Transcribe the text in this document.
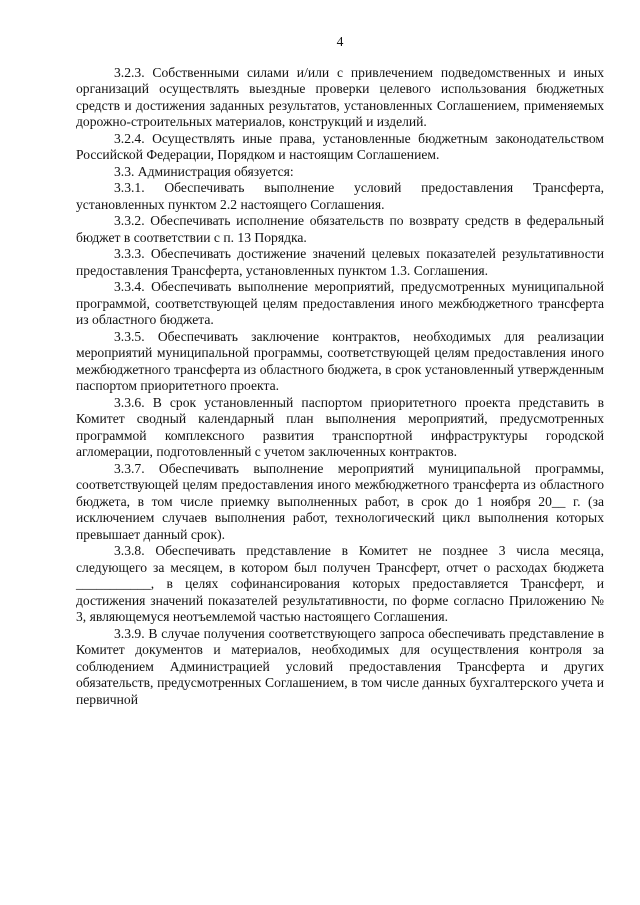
4

3.2.3. Собственными силами и/или с привлечением подведомственных и иных организаций осуществлять выездные проверки целевого использования бюджетных средств и достижения заданных результатов, установленных Соглашением, применяемых дорожно-строительных материалов, конструкций и изделий.

3.2.4. Осуществлять иные права, установленные бюджетным законодательством Российской Федерации, Порядком и настоящим Соглашением.

3.3. Администрация обязуется:

3.3.1. Обеспечивать выполнение условий предоставления Трансферта, установленных пунктом 2.2 настоящего Соглашения.

3.3.2. Обеспечивать исполнение обязательств по возврату средств в федеральный бюджет в соответствии с п. 13 Порядка.

3.3.3. Обеспечивать достижение значений целевых показателей результативности предоставления Трансферта, установленных пунктом 1.3. Соглашения.

3.3.4. Обеспечивать выполнение мероприятий, предусмотренных муниципальной программой, соответствующей целям предоставления иного межбюджетного трансферта из областного бюджета.

3.3.5. Обеспечивать заключение контрактов, необходимых для реализации мероприятий муниципальной программы, соответствующей целям предоставления иного межбюджетного трансферта из областного бюджета, в срок установленный утвержденным паспортом приоритетного проекта.

3.3.6. В срок установленный паспортом приоритетного проекта представить в Комитет сводный календарный план выполнения мероприятий, предусмотренных программой комплексного развития транспортной инфраструктуры городской агломерации, подготовленный с учетом заключенных контрактов.

3.3.7. Обеспечивать выполнение мероприятий муниципальной программы, соответствующей целям предоставления иного межбюджетного трансферта из областного бюджета, в том числе приемку выполненных работ, в срок до 1 ноября 20__ г. (за исключением случаев выполнения работ, технологический цикл выполнения которых превышает данный срок).

3.3.8. Обеспечивать представление в Комитет не позднее 3 числа месяца, следующего за месяцем, в котором был получен Трансферт, отчет о расходах бюджета ___________, в целях софинансирования которых предоставляется Трансферт, и достижения значений показателей результативности, по форме согласно Приложению № 3, являющемуся неотъемлемой частью настоящего Соглашения.

3.3.9. В случае получения соответствующего запроса обеспечивать представление в Комитет документов и материалов, необходимых для осуществления контроля за соблюдением Администрацией условий предоставления Трансферта и других обязательств, предусмотренных Соглашением, в том числе данных бухгалтерского учета и первичной
